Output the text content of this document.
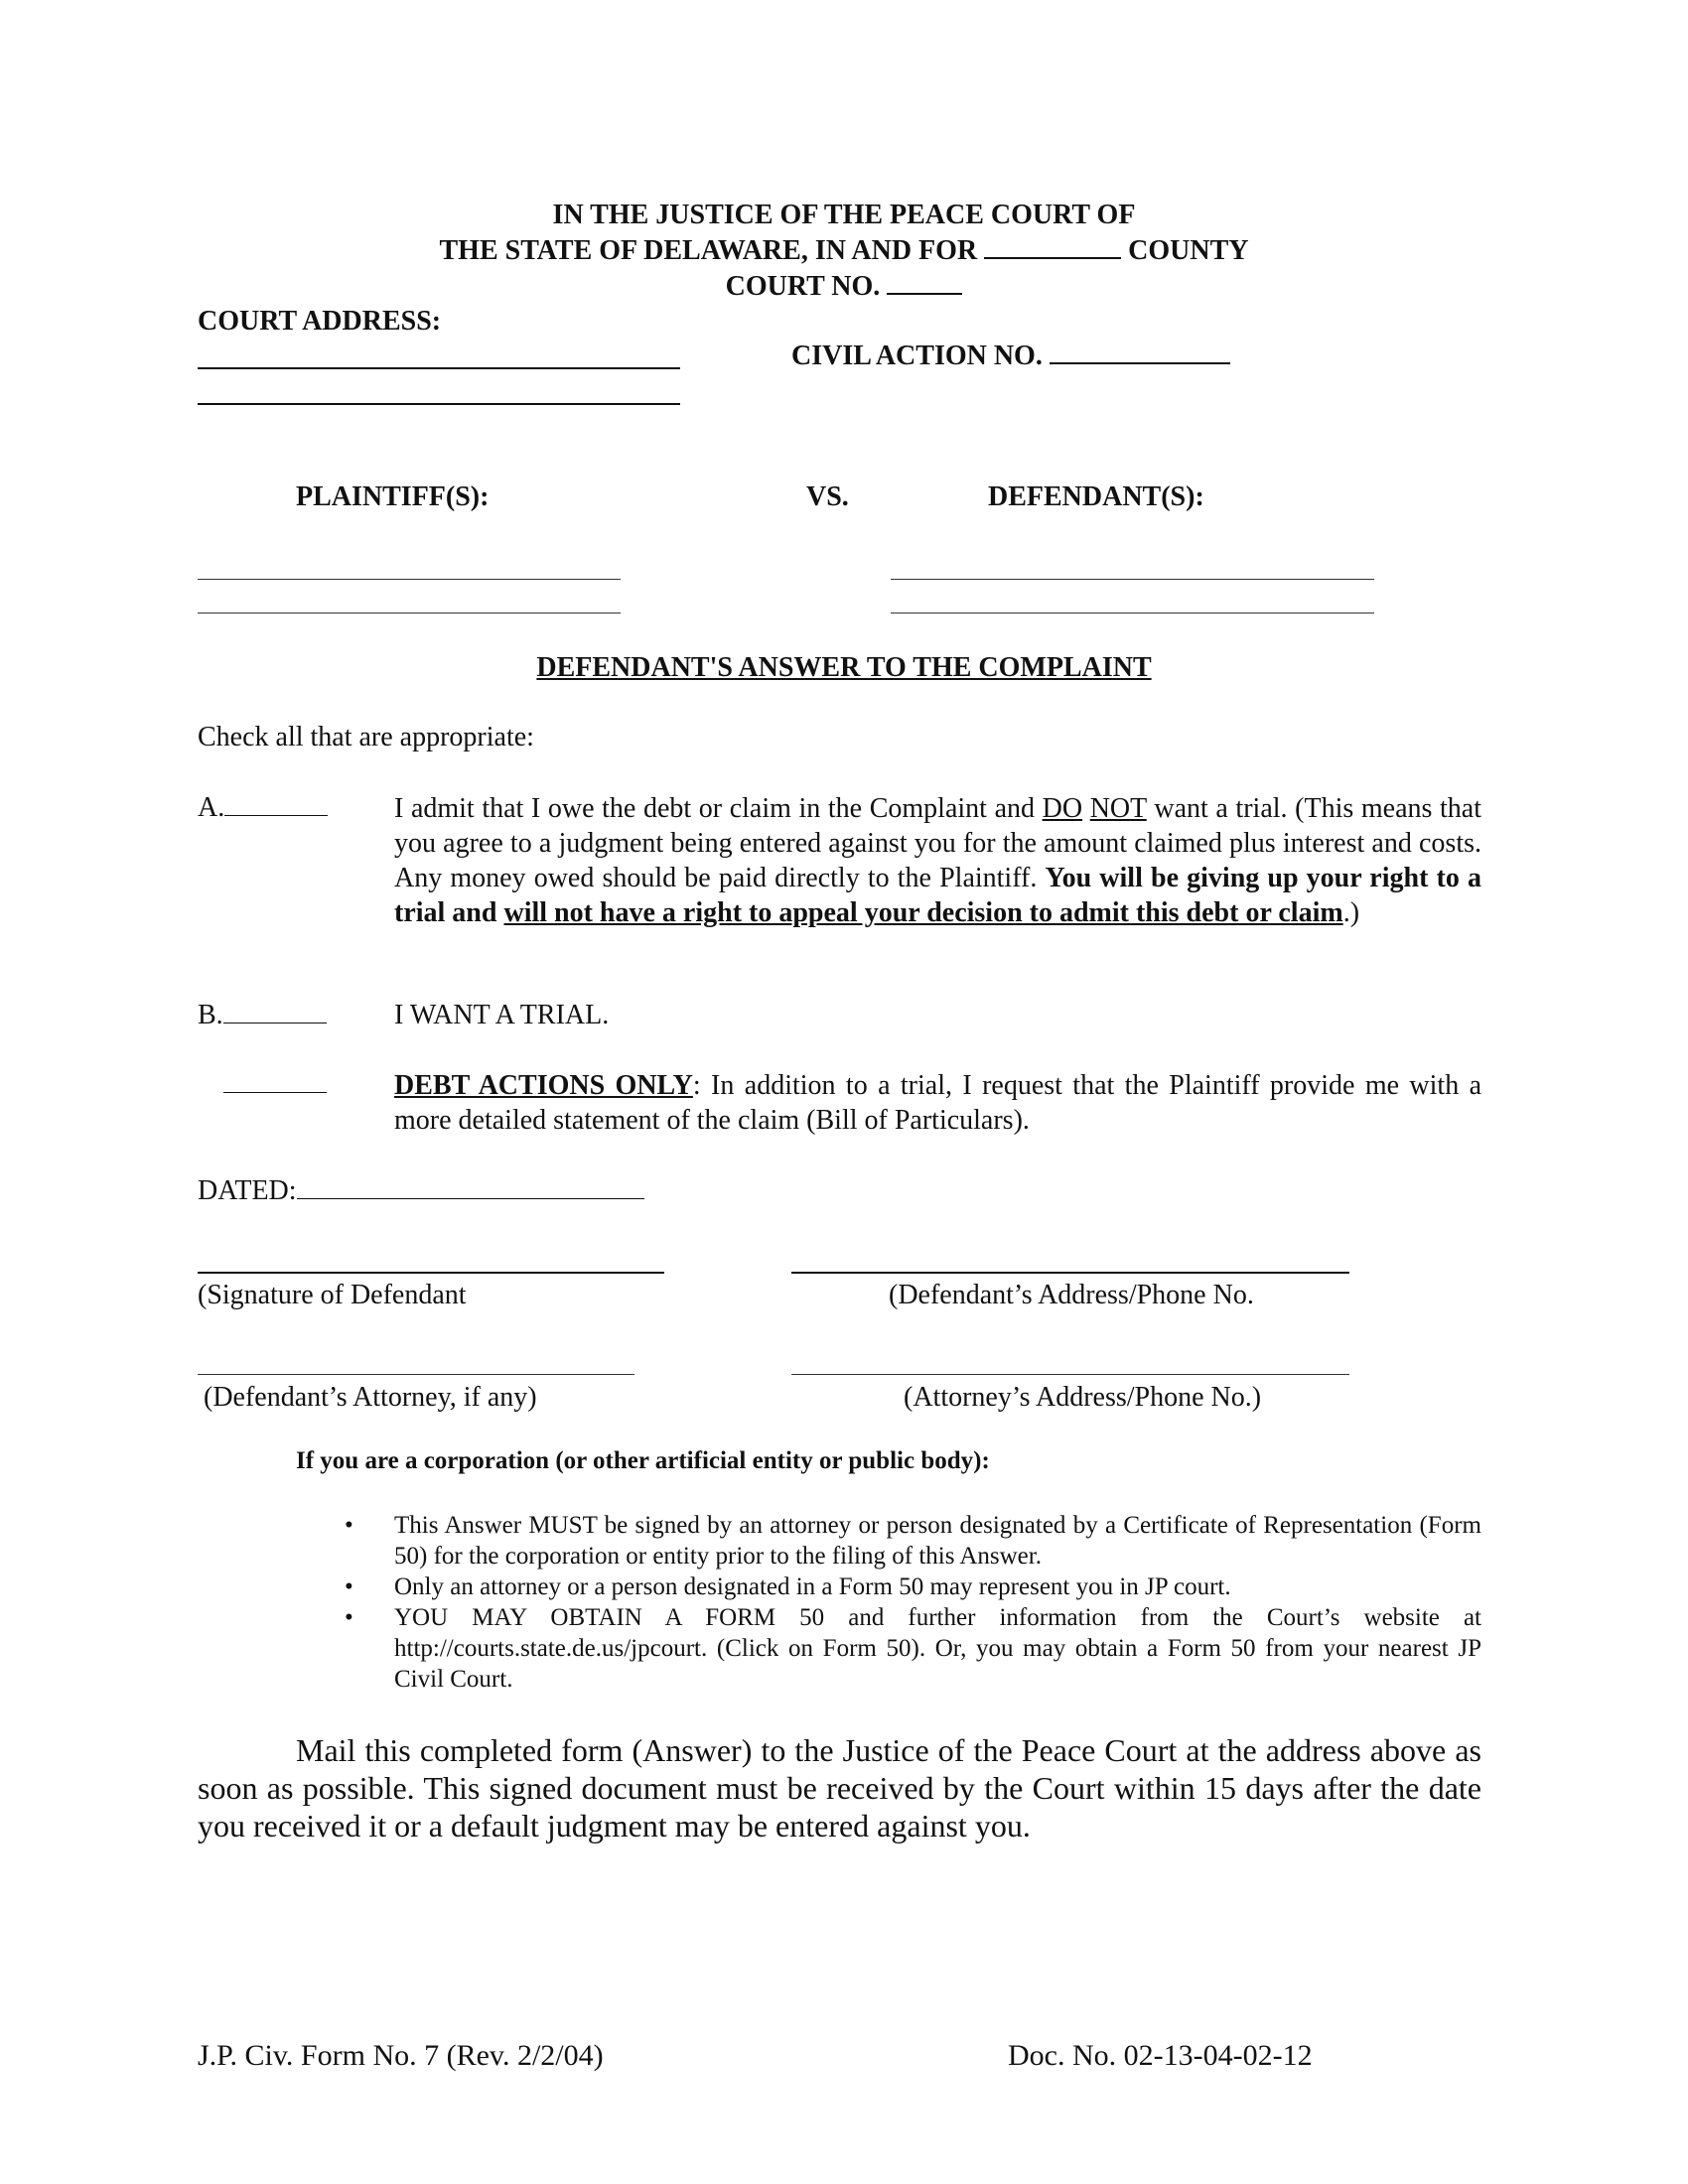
IN THE JUSTICE OF THE PEACE COURT OF
THE STATE OF DELAWARE, IN AND FOR	COUNTY
COURT NO.
COURT ADDRESS:
CIVIL ACTION NO.
PLAINTIFF(S):	VS.	DEFENDANT(S):
DEFENDANT'S ANSWER TO THE COMPLAINT
Check all that are appropriate:
A.	I admit that I owe the debt or claim in the Complaint and DO NOT want a trial. (This means that you agree to a judgment being entered against you for the amount claimed plus interest and costs. Any money owed should be paid directly to the Plaintiff. You will be giving up your right to a trial and will not have a right to appeal your decision to admit this debt or claim.)
B.	I WANT A TRIAL.
DEBT ACTIONS ONLY: In addition to a trial, I request that the Plaintiff provide me with a more detailed statement of the claim (Bill of Particulars).
DATED:
(Signature of Defendant	(Defendant’s Address/Phone No.
(Defendant’s Attorney, if any)	(Attorney’s Address/Phone No.)
If you are a corporation (or other artificial entity or public body):
• This Answer MUST be signed by an attorney or person designated by a Certificate of Representation (Form 50) for the corporation or entity prior to the filing of this Answer.
• Only an attorney or a person designated in a Form 50 may represent you in JP court.
• YOU MAY OBTAIN A FORM 50 and further information from the Court’s website at http://courts.state.de.us/jpcourt. (Click on Form 50). Or, you may obtain a Form 50 from your nearest JP Civil Court.
Mail this completed form (Answer) to the Justice of the Peace Court at the address above as soon as possible. This signed document must be received by the Court within 15 days after the date you received it or a default judgment may be entered against you.
J.P. Civ. Form No. 7 (Rev. 2/2/04)	Doc. No. 02-13-04-02-12
